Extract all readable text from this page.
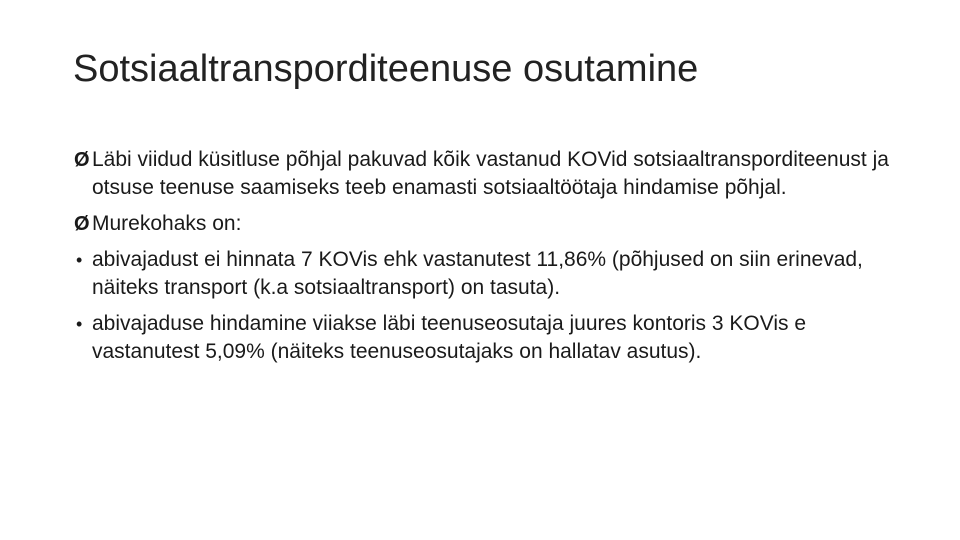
Sotsiaaltransporditeenuse osutamine
Ø Läbi viidud küsitluse põhjal pakuvad kõik vastanud KOVid sotsiaaltransporditeenust ja otsuse teenuse saamiseks teeb enamasti sotsiaaltöötaja hindamise põhjal.
Ø Murekohaks on:
• abivajadust ei hinnata 7 KOVis ehk vastanutest 11,86% (põhjused on siin erinevad, näiteks transport (k.a sotsiaaltransport) on tasuta).
• abivajaduse hindamine viiakse läbi teenuseosutaja juures kontoris 3 KOVis e vastanutest 5,09% (näiteks teenuseosutajaks on hallatav asutus).
